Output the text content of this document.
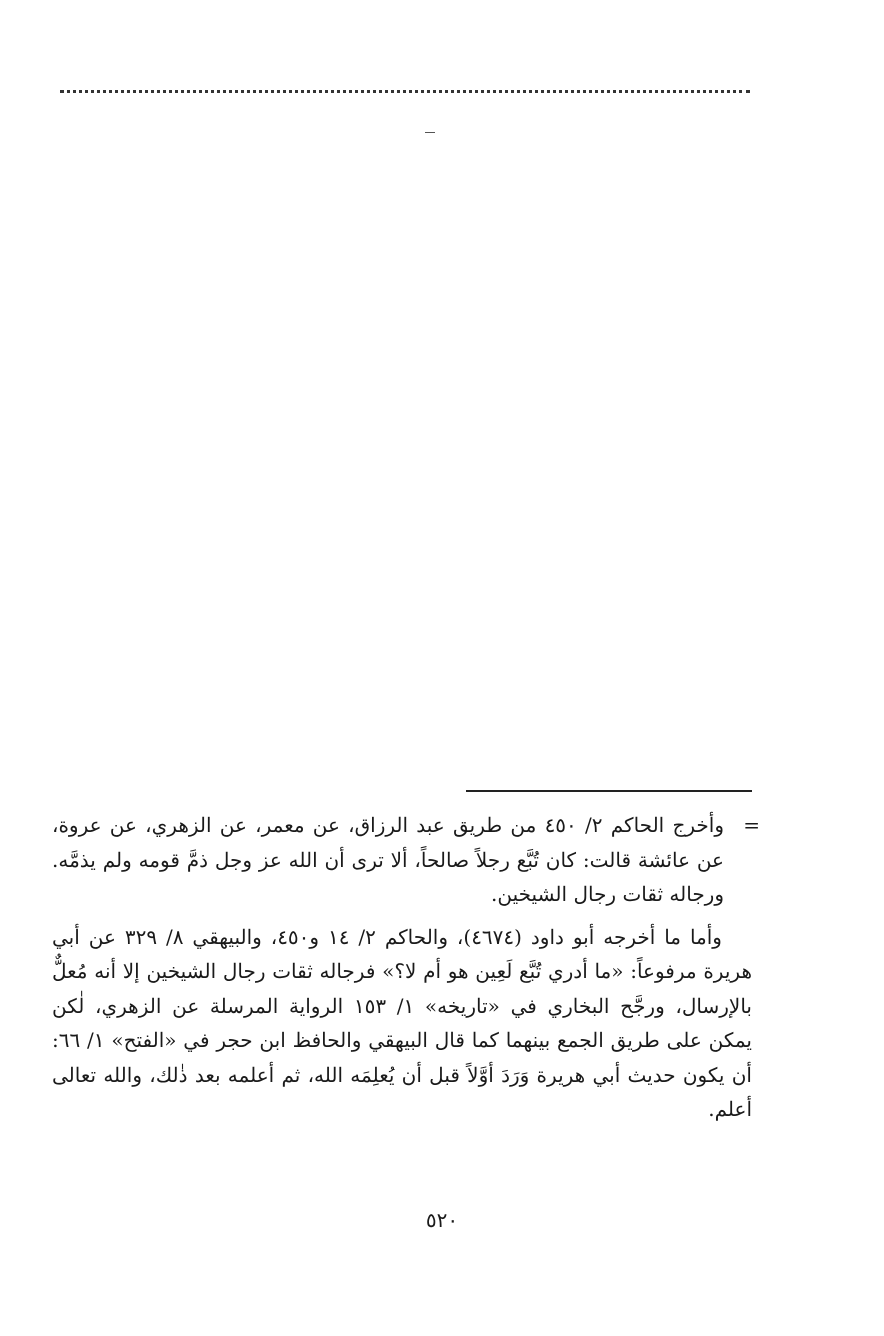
=
وأخرج الحاكم ٢/ ٤٥٠ من طريق عبد الرزاق، عن معمر، عن الزهري، عن عروة، عن عائشة قالت: كان تُبَّع رجلاً صالحاً، ألا ترى أن الله عز وجل ذمَّ قومه ولم يذمَّه. ورجاله ثقات رجال الشيخين.

وأما ما أخرجه أبو داود (٤٦٧٤)، والحاكم ٢/ ١٤ و٤٥٠، والبيهقي ٨/ ٣٢٩ عن أبي هريرة مرفوعاً: «ما أدري تُبَّع لَعِين هو أم لا؟» فرجاله ثقات رجال الشيخين إلا أنه مُعلٌّ بالإرسال، ورجَّح البخاري في «تاريخه» ١/ ١٥٣ الرواية المرسلة عن الزهري، لٰكن يمكن على طريق الجمع بينهما كما قال البيهقي والحافظ ابن حجر في «الفتح» ١/ ٦٦: أن يكون حديث أبي هريرة وَرَدَ أوَّلاً قبل أن يُعلِمَه الله، ثم أعلمه بعد ذٰلك، والله تعالى أعلم.

٥٢٠
